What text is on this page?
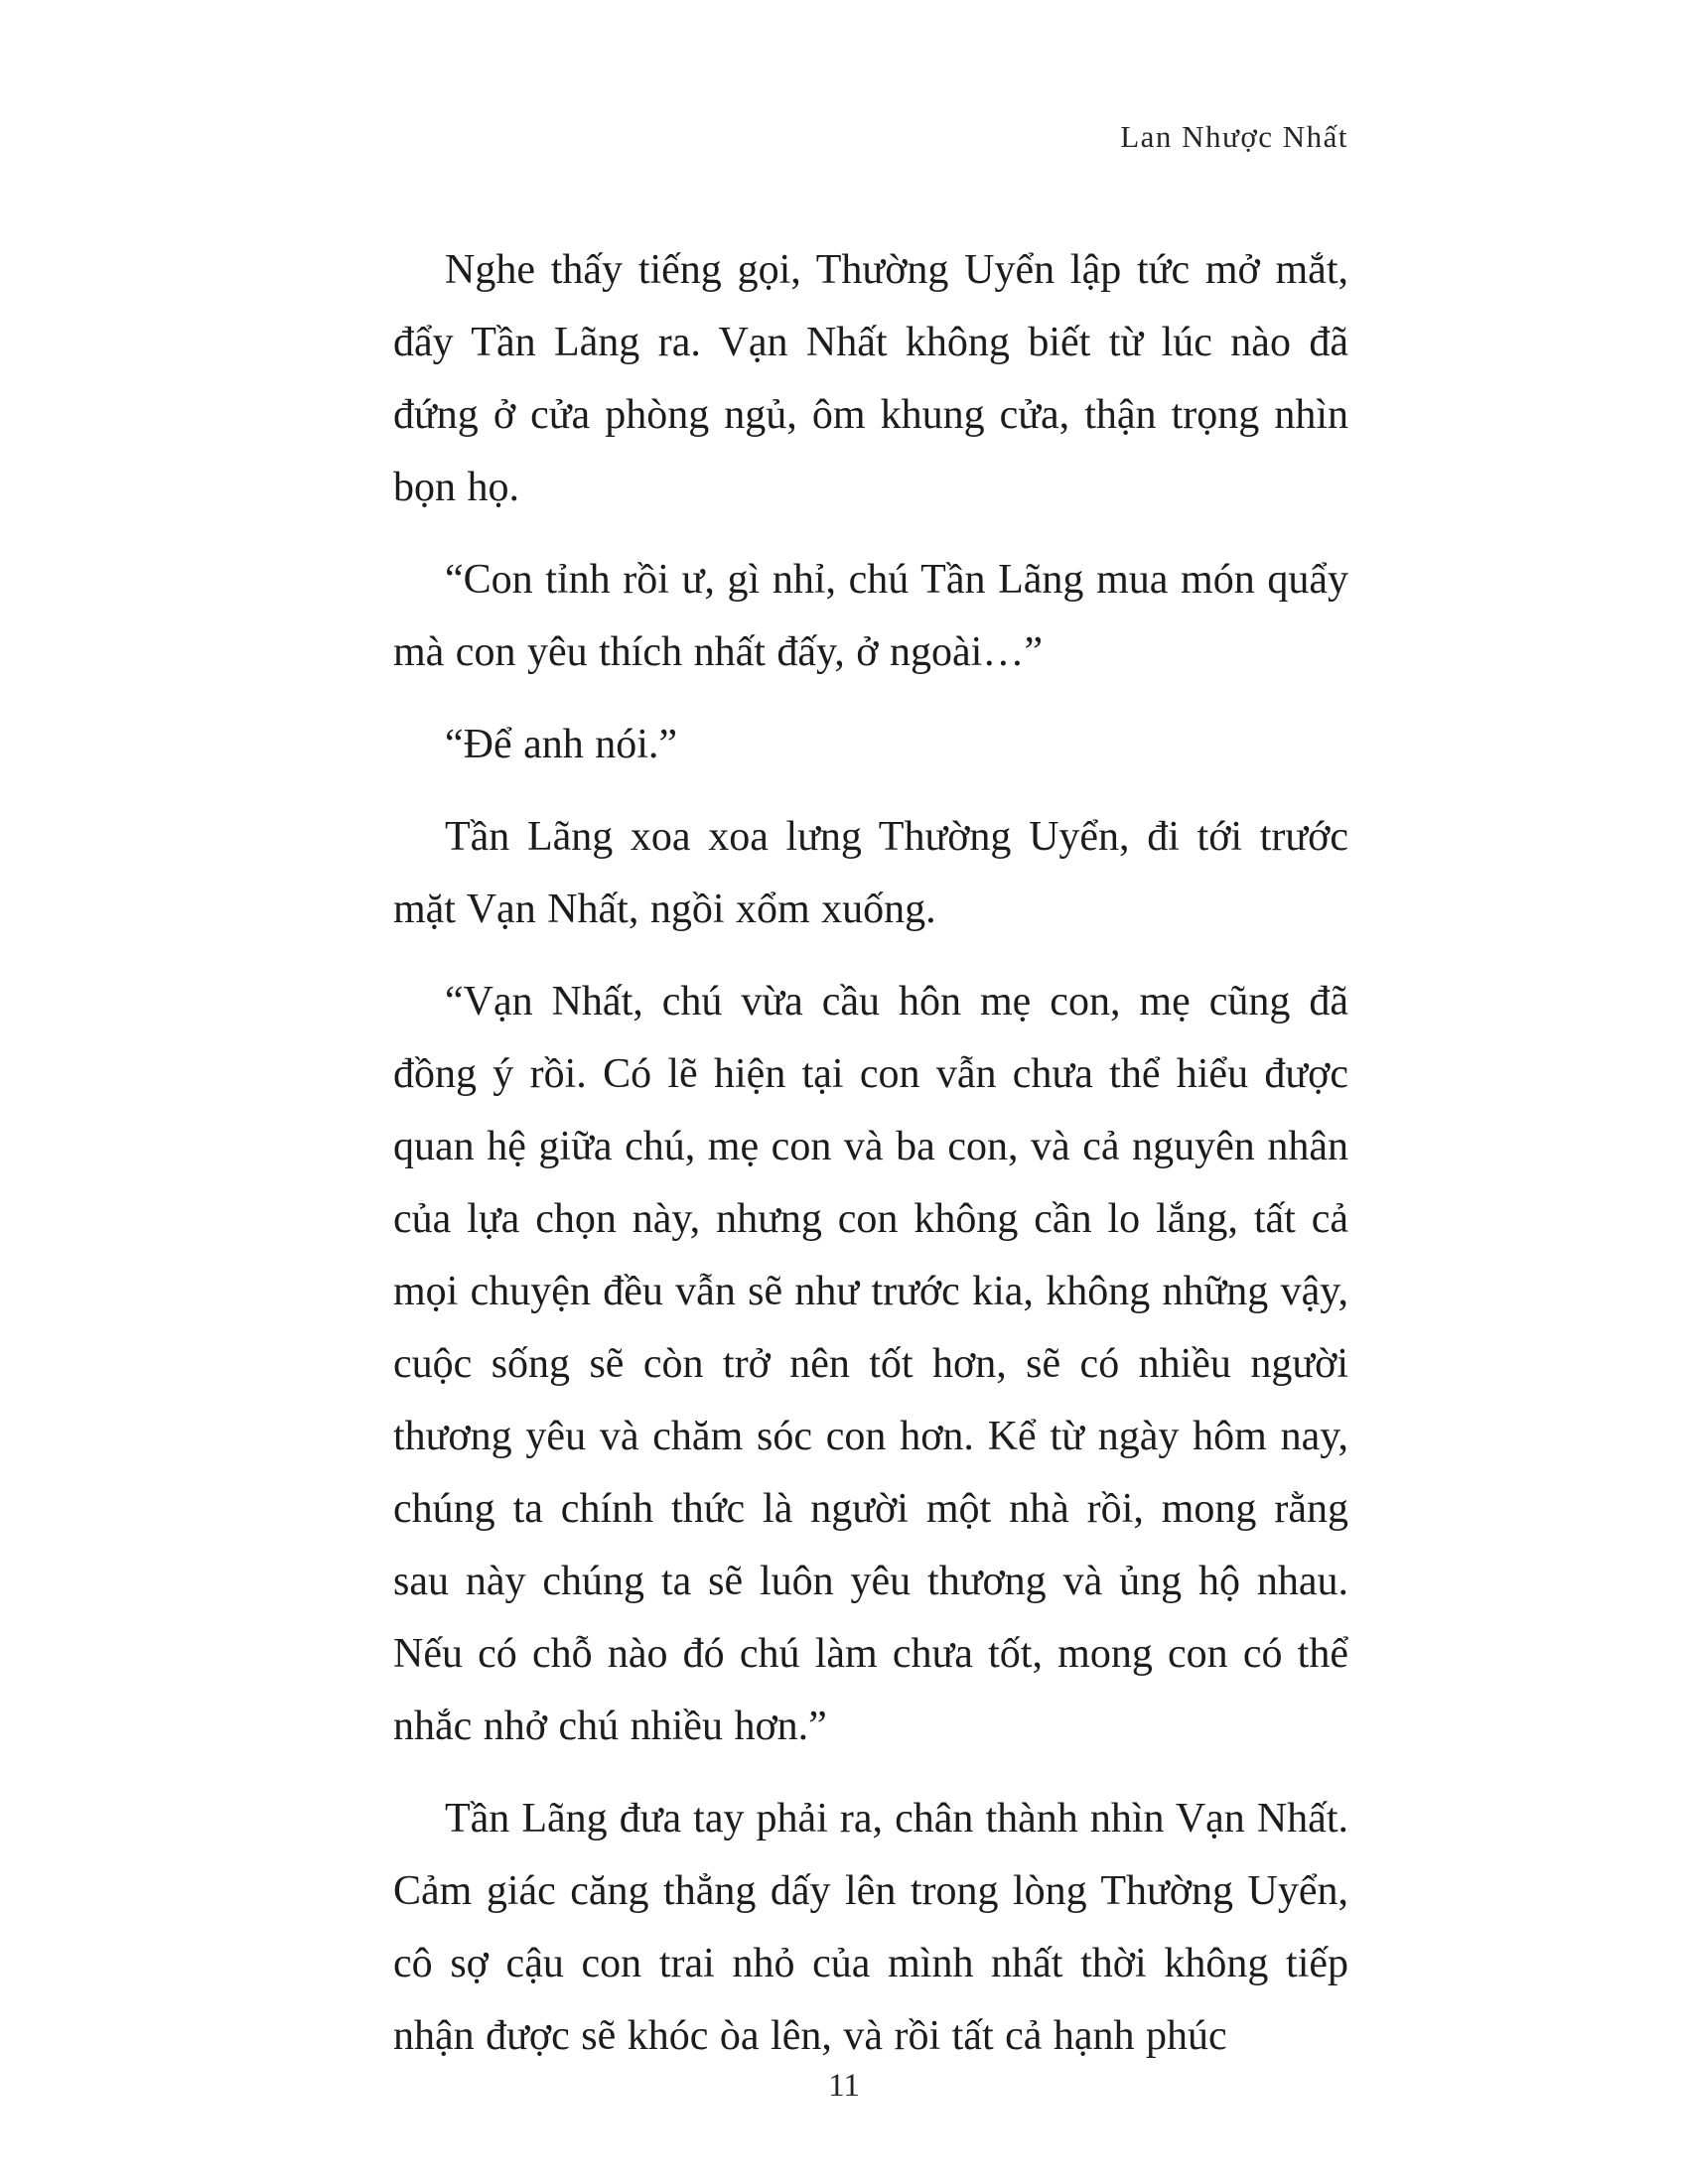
Lan Nhược Nhất

Nghe thấy tiếng gọi, Thường Uyển lập tức mở mắt, đẩy Tần Lãng ra. Vạn Nhất không biết từ lúc nào đã đứng ở cửa phòng ngủ, ôm khung cửa, thận trọng nhìn bọn họ.

“Con tỉnh rồi ư, gì nhỉ, chú Tần Lãng mua món quẩy mà con yêu thích nhất đấy, ở ngoài…”

“Để anh nói.”

Tần Lãng xoa xoa lưng Thường Uyển, đi tới trước mặt Vạn Nhất, ngồi xổm xuống.

“Vạn Nhất, chú vừa cầu hôn mẹ con, mẹ cũng đã đồng ý rồi. Có lẽ hiện tại con vẫn chưa thể hiểu được quan hệ giữa chú, mẹ con và ba con, và cả nguyên nhân của lựa chọn này, nhưng con không cần lo lắng, tất cả mọi chuyện đều vẫn sẽ như trước kia, không những vậy, cuộc sống sẽ còn trở nên tốt hơn, sẽ có nhiều người thương yêu và chăm sóc con hơn. Kể từ ngày hôm nay, chúng ta chính thức là người một nhà rồi, mong rằng sau này chúng ta sẽ luôn yêu thương và ủng hộ nhau. Nếu có chỗ nào đó chú làm chưa tốt, mong con có thể nhắc nhở chú nhiều hơn.”

Tần Lãng đưa tay phải ra, chân thành nhìn Vạn Nhất. Cảm giác căng thẳng dấy lên trong lòng Thường Uyển, cô sợ cậu con trai nhỏ của mình nhất thời không tiếp nhận được sẽ khóc òa lên, và rồi tất cả hạnh phúc

11
